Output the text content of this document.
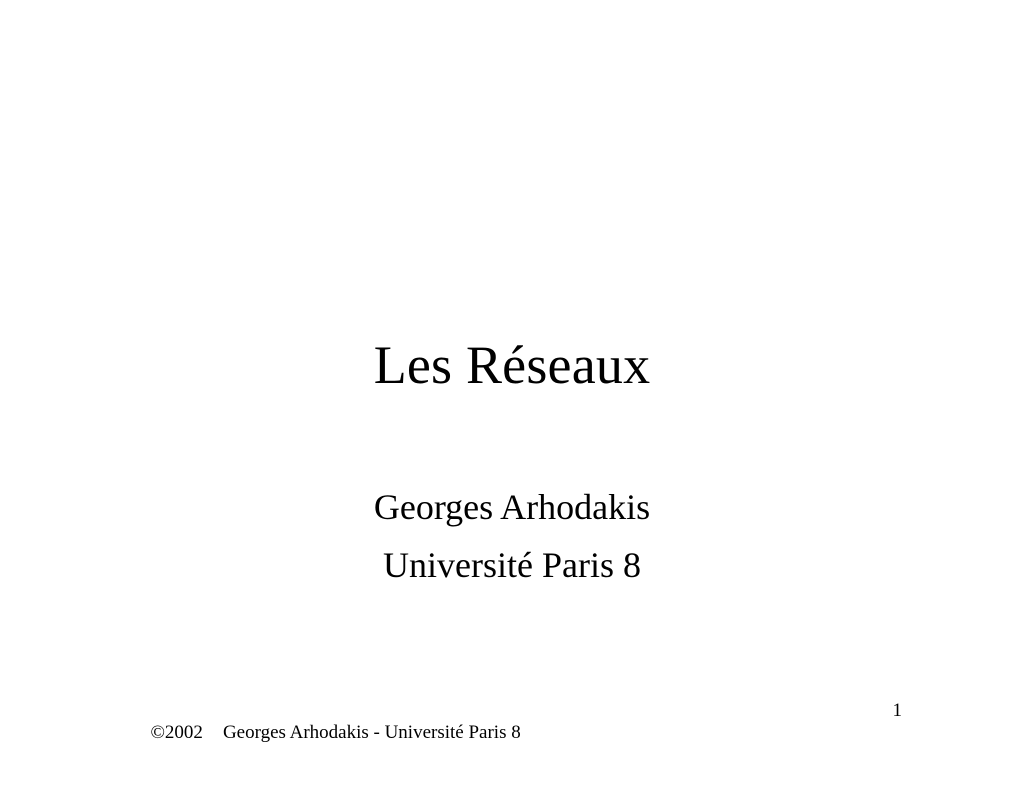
Les Réseaux
Georges Arhodakis
Université Paris 8

©2002 Georges Arhodakis - Université Paris 8

1
